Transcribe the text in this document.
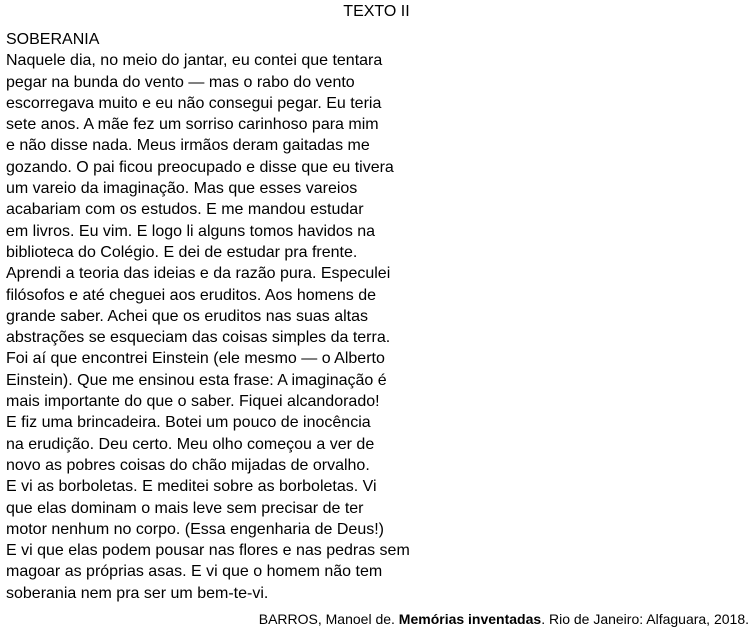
TEXTO II
SOBERANIA
Naquele dia, no meio do jantar, eu contei que tentara
pegar na bunda do vento — mas o rabo do vento
escorregava muito e eu não consegui pegar. Eu teria
sete anos. A mãe fez um sorriso carinhoso para mim
e não disse nada. Meus irmãos deram gaitadas me
gozando. O pai ficou preocupado e disse que eu tivera
um vareio da imaginação. Mas que esses vareios
acabariam com os estudos. E me mandou estudar
em livros. Eu vim. E logo li alguns tomos havidos na
biblioteca do Colégio. E dei de estudar pra frente.
Aprendi a teoria das ideias e da razão pura. Especulei
filósofos e até cheguei aos eruditos. Aos homens de
grande saber. Achei que os eruditos nas suas altas
abstrações se esqueciam das coisas simples da terra.
Foi aí que encontrei Einstein (ele mesmo — o Alberto
Einstein). Que me ensinou esta frase: A imaginação é
mais importante do que o saber. Fiquei alcandorado!
E fiz uma brincadeira. Botei um pouco de inocência
na erudição. Deu certo. Meu olho começou a ver de
novo as pobres coisas do chão mijadas de orvalho.
E vi as borboletas. E meditei sobre as borboletas. Vi
que elas dominam o mais leve sem precisar de ter
motor nenhum no corpo. (Essa engenharia de Deus!)
E vi que elas podem pousar nas flores e nas pedras sem
magoar as próprias asas. E vi que o homem não tem
soberania nem pra ser um bem-te-vi.
BARROS, Manoel de. Memórias inventadas. Rio de Janeiro: Alfaguara, 2018.
